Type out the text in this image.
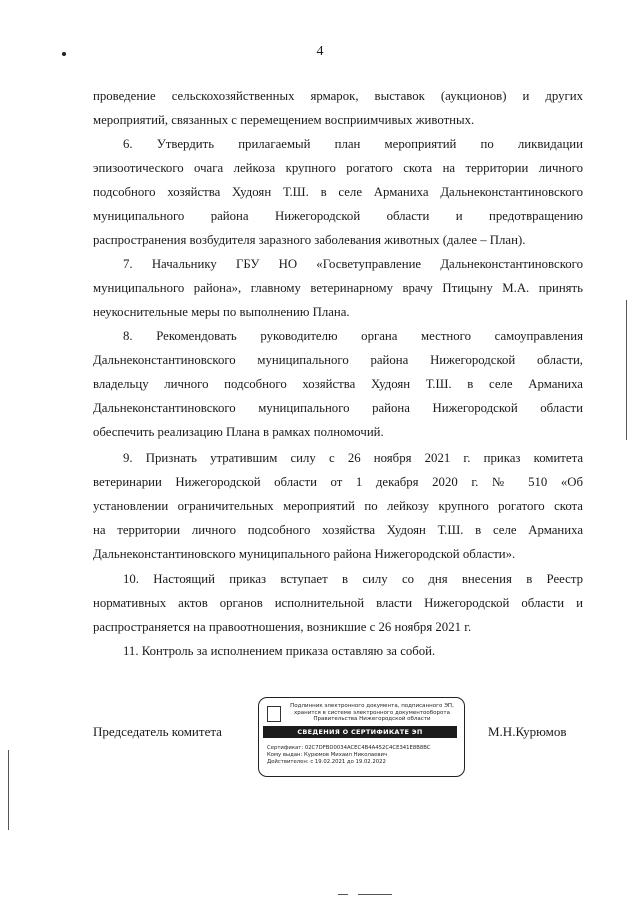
4
проведение сельскохозяйственных ярмарок, выставок (аукционов) и других
мероприятий, связанных с перемещением восприимчивых животных.
6. Утвердить прилагаемый план мероприятий по ликвидации
эпизоотического очага лейкоза крупного рогатого скота на территории личного
подсобного хозяйства Худоян Т.Ш. в селе Арманиха Дальнеконстантиновского
муниципального района Нижегородской области и предотвращению
распространения возбудителя заразного заболевания животных (далее – План).
7. Начальнику ГБУ НО «Госветуправление Дальнеконстантиновского
муниципального района», главному ветеринарному врачу Птицыну М.А. принять
неукоснительные меры по выполнению Плана.
8. Рекомендовать руководителю органа местного самоуправления
Дальнеконстантиновского муниципального района Нижегородской области,
владельцу личного подсобного хозяйства Худоян Т.Ш. в селе Арманиха
Дальнеконстантиновского муниципального района Нижегородской области
обеспечить реализацию Плана в рамках полномочий.
9. Признать утратившим силу с 26 ноября 2021 г. приказ комитета
ветеринарии Нижегородской области от 1 декабря 2020 г. № 510 «Об
установлении ограничительных мероприятий по лейкозу крупного рогатого скота
на территории личного подсобного хозяйства Худоян Т.Ш. в селе Арманиха
Дальнеконстантиновского муниципального района Нижегородской области».
10. Настоящий приказ вступает в силу со дня внесения в Реестр
нормативных актов органов исполнительной власти Нижегородской области и
распространяется на правоотношения, возникшие с 26 ноября 2021 г.
11. Контроль за исполнением приказа оставляю за собой.
Председатель комитета	М.Н.Курюмов
Подлинник электронного документа, подписанного ЭП,
хранится в системе электронного документооборота
Правительства Нижегородской области
СВЕДЕНИЯ О СЕРТИФИКАТЕ ЭП
Сертификат: 02C7DFBD0034ACEC4B4A452C4CE341E8B8BC
Кому выдан: Курюмов Михаил Николаевич
Действителен: с 19.02.2021 до 19.02.2022
